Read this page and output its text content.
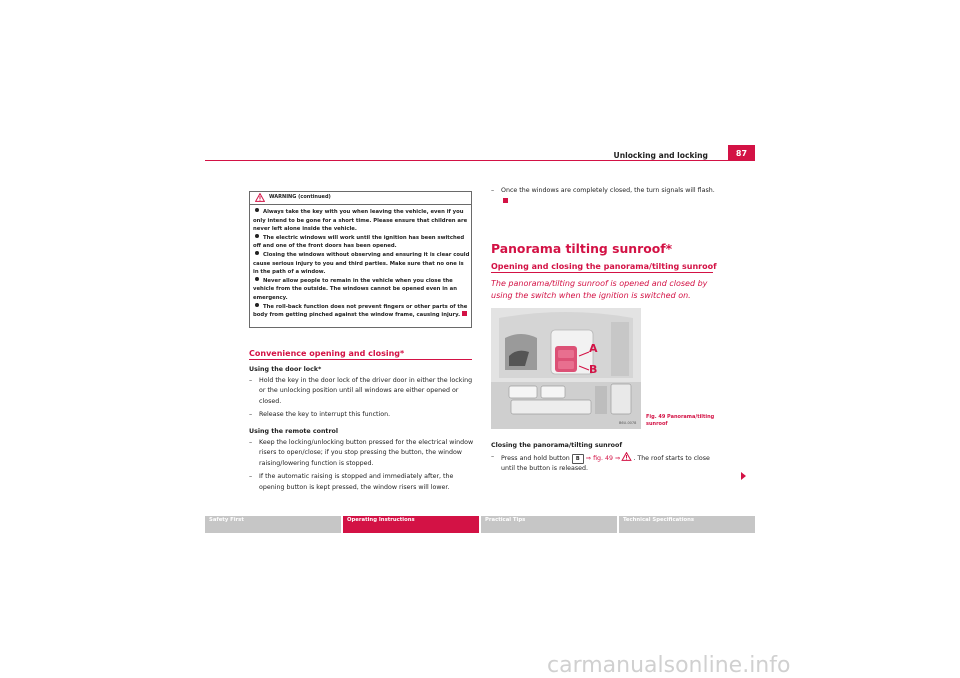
Unlocking and locking	87
WARNING (continued)

Always take the key with you when leaving the vehicle, even if you only intend to be gone for a short time. Please ensure that children are never left alone inside the vehicle.

The electric windows will work until the ignition has been switched off and one of the front doors has been opened.

Closing the windows without observing and ensuring it is clear could cause serious injury to you and third parties. Make sure that no one is in the path of a window.

Never allow people to remain in the vehicle when you close the vehicle from the outside. The windows cannot be opened even in an emergency.

The roll-back function does not prevent fingers or other parts of the body from getting pinched against the window frame, causing injury.

Convenience opening and closing*

Using the door lock*

– Hold the key in the door lock of the driver door in either the locking or the unlocking position until all windows are either opened or closed.

– Release the key to interrupt this function.

Using the remote control

– Keep the locking/unlocking button pressed for the electrical window risers to open/close; if you stop pressing the button, the window raising/lowering function is stopped.

– If the automatic raising is stopped and immediately after, the opening button is kept pressed, the window risers will lower.

– Once the windows are completely closed, the turn signals will flash.

Panorama tilting sunroof*
Opening and closing the panorama/tilting sunroof
The panorama/tilting sunroof is opened and closed by using the switch when the ignition is switched on.
A
B
B6U-0078
Fig. 49 Panorama/tilting sunroof

Closing the panorama/tilting sunroof

– Press and hold button B ⇒ fig. 49 ⇒ . The roof starts to close until the button is released.

Safety First	Operating Instructions	Practical Tips	Technical Specifications
carmanualsonline.info
